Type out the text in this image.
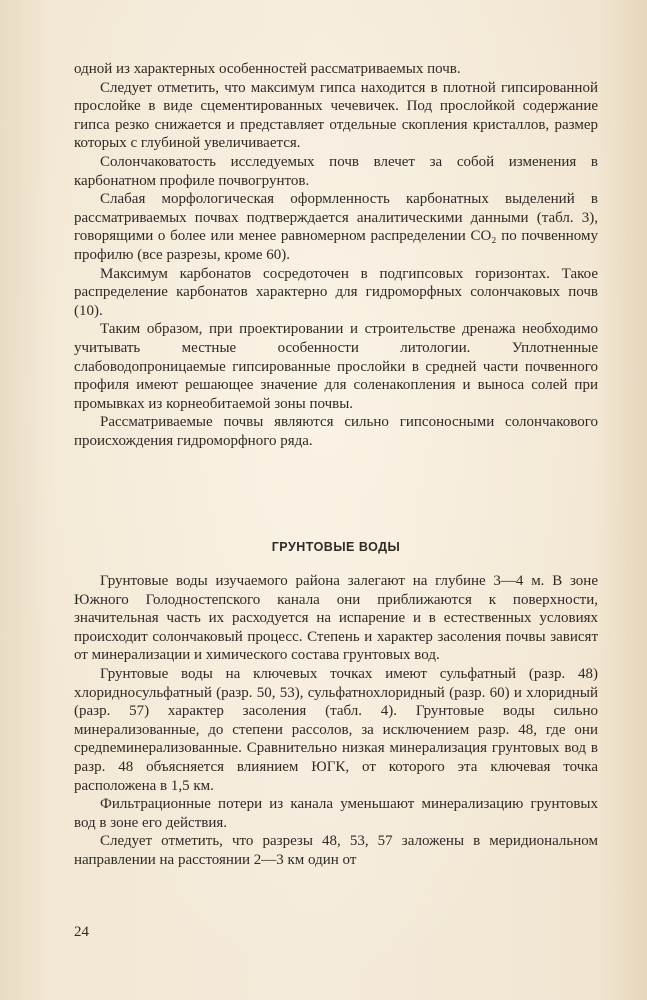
одной из характерных особенностей рассматриваемых почв.

Следует отметить, что максимум гипса находится в плотной гипсированной прослойке в виде сцементированных чечевичек. Под прослойкой содержание гипса резко снижается и представляет отдельные скопления кристаллов, размер которых с глубиной увеличивается.

Солончаковатость исследуемых почв влечет за собой изменения в карбонатном профиле почвогрунтов.

Слабая морфологическая оформленность карбонатных выделений в рассматриваемых почвах подтверждается аналитическими данными (табл. 3), говорящими о более или менее равномерном распределении CO₂ по почвенному профилю (все разрезы, кроме 60).

Максимум карбонатов сосредоточен в подгипсовых горизонтах. Такое распределение карбонатов характерно для гидроморфных солончаковых почв (10).

Таким образом, при проектировании и строительстве дренажа необходимо учитывать местные особенности литологии. Уплотненные слабоводопроницаемые гипсированные прослойки в средней части почвенного профиля имеют решающее значение для соленакопления и выноса солей при промывках из корнеобитаемой зоны почвы.

Рассматриваемые почвы являются сильно гипсоносными солончакового происхождения гидроморфного ряда.

ГРУНТОВЫЕ ВОДЫ

Грунтовые воды изучаемого района залегают на глубине 3—4 м. В зоне Южного Голодностепского канала они приближаются к поверхности, значительная часть их расходуется на испарение и в естественных условиях происходит солончаковый процесс. Степень и характер засоления почвы зависят от минерализации и химического состава грунтовых вод.

Грунтовые воды на ключевых точках имеют сульфатный (разр. 48) хлоридносульфатный (разр. 50, 53), сульфатнохлоридный (разр. 60) и хлоридный (разр. 57) характер засоления (табл. 4). Грунтовые воды сильно минерализованные, до степени рассолов, за исключением разр. 48, где они средneминерализованные. Сравнительно низкая минерализация грунтовых вод в разр. 48 объясняется влиянием ЮГК, от которого эта ключевая точка расположена в 1,5 км.

Фильтрационные потери из канала уменьшают минерализацию грунтовых вод в зоне его действия.

Следует отметить, что разрезы 48, 53, 57 заложены в меридиональном направлении на расстоянии 2—3 км один от

24
